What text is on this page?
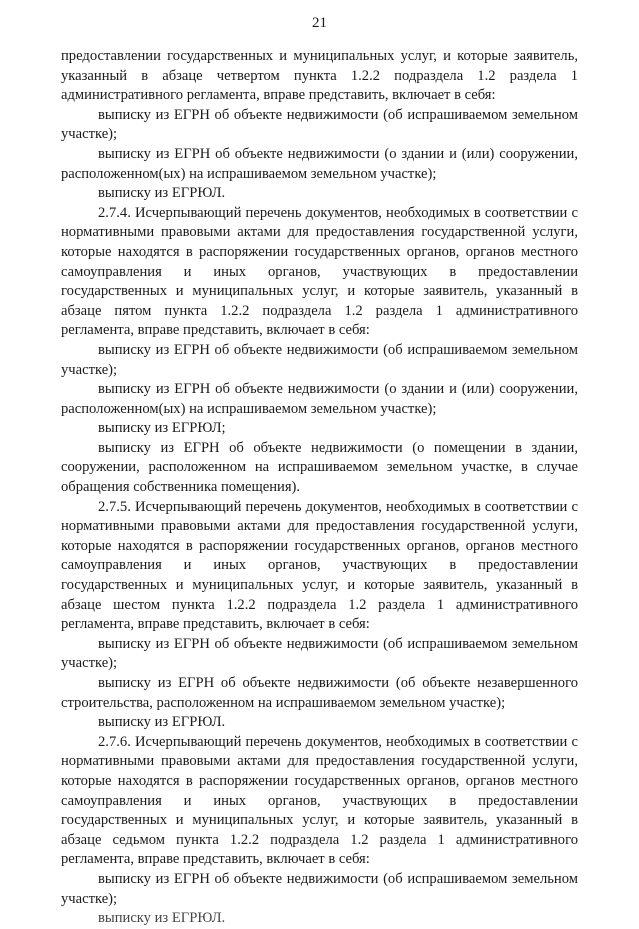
21

предоставлении государственных и муниципальных услуг, и которые заявитель, указанный в абзаце четвертом пункта 1.2.2 подраздела 1.2 раздела 1 административного регламента, вправе представить, включает в себя:

выписку из ЕГРН об объекте недвижимости (об испрашиваемом земельном участке);

выписку из ЕГРН об объекте недвижимости (о здании и (или) сооружении, расположенном(ых) на испрашиваемом земельном участке);

выписку из ЕГРЮЛ.

2.7.4. Исчерпывающий перечень документов, необходимых в соответствии с нормативными правовыми актами для предоставления государственной услуги, которые находятся в распоряжении государственных органов, органов местного самоуправления и иных органов, участвующих в предоставлении государственных и муниципальных услуг, и которые заявитель, указанный в абзаце пятом пункта 1.2.2 подраздела 1.2 раздела 1 административного регламента, вправе представить, включает в себя:

выписку из ЕГРН об объекте недвижимости (об испрашиваемом земельном участке);

выписку из ЕГРН об объекте недвижимости (о здании и (или) сооружении, расположенном(ых) на испрашиваемом земельном участке);

выписку из ЕГРЮЛ;

выписку из ЕГРН об объекте недвижимости (о помещении в здании, сооружении, расположенном на испрашиваемом земельном участке, в случае обращения собственника помещения).

2.7.5. Исчерпывающий перечень документов, необходимых в соответствии с нормативными правовыми актами для предоставления государственной услуги, которые находятся в распоряжении государственных органов, органов местного самоуправления и иных органов, участвующих в предоставлении государственных и муниципальных услуг, и которые заявитель, указанный в абзаце шестом пункта 1.2.2 подраздела 1.2 раздела 1 административного регламента, вправе представить, включает в себя:

выписку из ЕГРН об объекте недвижимости (об испрашиваемом земельном участке);

выписку из ЕГРН об объекте недвижимости (об объекте незавершенного строительства, расположенном на испрашиваемом земельном участке);

выписку из ЕГРЮЛ.

2.7.6. Исчерпывающий перечень документов, необходимых в соответствии с нормативными правовыми актами для предоставления государственной услуги, которые находятся в распоряжении государственных органов, органов местного самоуправления и иных органов, участвующих в предоставлении государственных и муниципальных услуг, и которые заявитель, указанный в абзаце седьмом пункта 1.2.2 подраздела 1.2 раздела 1 административного регламента, вправе представить, включает в себя:

выписку из ЕГРН об объекте недвижимости (об испрашиваемом земельном участке);

выписку из ЕГРЮЛ.
